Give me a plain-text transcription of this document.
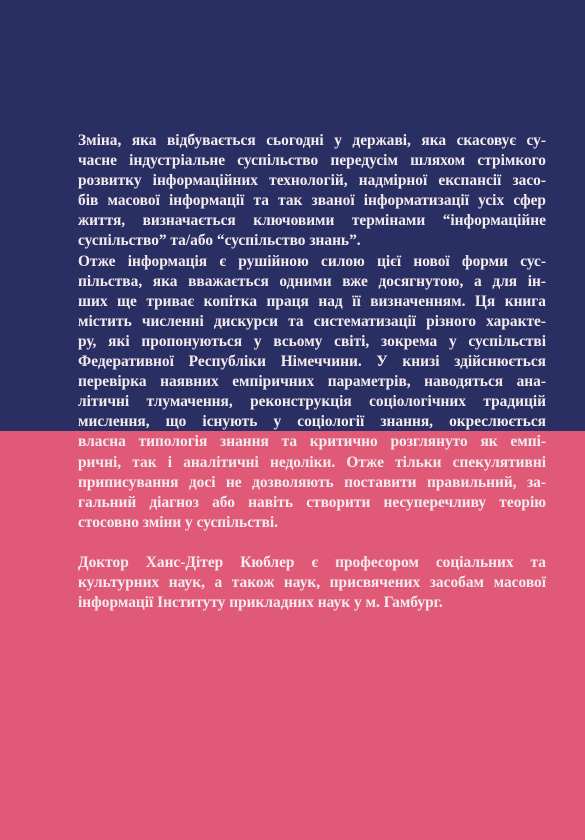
Зміна, яка відбувається сьогодні у державі, яка скасовує су-
часне індустріальне суспільство передусім шляхом стрімкого
розвитку інформаційних технологій, надмірної експансії засо-
бів масової інформації та так званої інформатизації усіх сфер
життя, визначається ключовими термінами “інформаційне
суспільство” та/або “суспільство знань”.

Отже інформація є рушійною силою цієї нової форми сус-
пільства, яка вважається одними вже досягнутою, а для ін-
ших ще триває копітка праця над її визначенням. Ця книга
містить численні дискурси та систематизації різного характе-
ру, які пропонуються у всьому світі, зокрема у суспільстві
Федеративної Республіки Німеччини. У книзі здійснюється
перевірка наявних емпіричних параметрів, наводяться ана-
літичні тлумачення, реконструкція соціологічних традицій
мислення, що існують у соціології знання, окреслюється
власна типологія знання та критично розглянуто як емпі-
ричні, так і аналітичні недоліки. Отже тільки спекулятивні
приписування досі не дозволяють поставити правильний, за-
гальний діагноз або навіть створити несуперечливу теорію
стосовно зміни у суспільстві.

Доктор Ханс-Дітер Кюблер є професором соціальних та
культурних наук, а також наук, присвячених засобам масової
інформації Інституту прикладних наук у м. Гамбург.
